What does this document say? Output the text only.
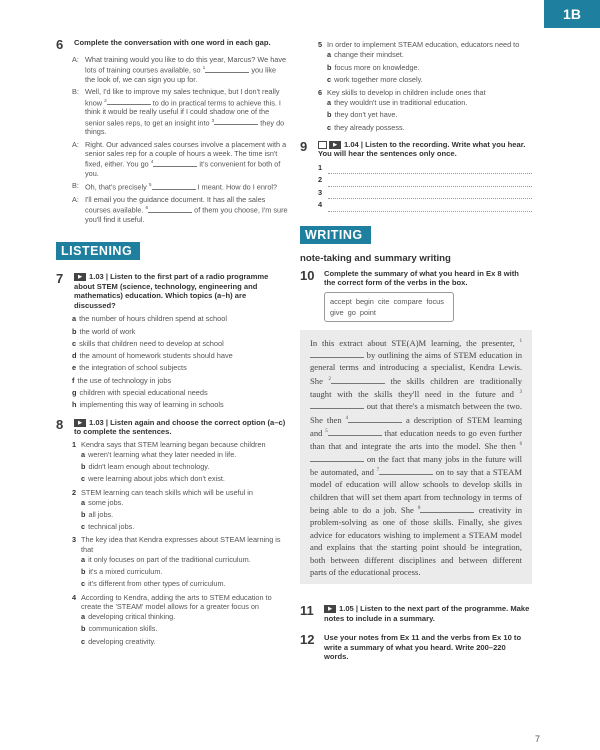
1B
6	Complete the conversation with one word in each gap.
A: What training would you like to do this year, Marcus? We have lots of training courses available, so $^1$	you like the look of, we can sign you up for.
B: Well, I'd like to improve my sales technique, but I don't really know $^2$	to do in practical terms to achieve this. I think it would be really useful if I could shadow one of the senior sales reps, to get an insight into $^3$	they do things.
A: Right. Our advanced sales courses involve a placement with a senior sales rep for a couple of hours a week. The time isn't fixed, either. You go $^4$	it's convenient for both of you.
B: Oh, that's precisely $^5$	I meant. How do I enrol?
A: I'll email you the guidance document. It has all the sales courses available. $^6$	of them you choose, I'm sure you'll find it useful.
LISTENING
7	▶ 1.03 | Listen to the first part of a radio programme about STEM (science, technology, engineering and mathematics) education. Which topics (a–h) are discussed?
a the number of hours children spend at school
b the world of work
c skills that children need to develop at school
d the amount of homework students should have
e the integration of school subjects
f the use of technology in jobs
g children with special educational needs
h implementing this way of learning in schools
8	▶ 1.03 | Listen again and choose the correct option (a–c) to complete the sentences.
1 Kendra says that STEM learning began because children
a weren't learning what they later needed in life.
b didn't learn enough about technology.
c were learning about jobs which don't exist.
2 STEM learning can teach skills which will be useful in
a some jobs.
b all jobs.
c technical jobs.
3 The key idea that Kendra expresses about STEAM learning is that
a it only focuses on part of the traditional curriculum.
b it's a mixed curriculum.
c it's different from other types of curriculum.
4 According to Kendra, adding the arts to STEM education to create the 'STEAM' model allows for a greater focus on
a developing critical thinking.
b communication skills.
c developing creativity.
5 In order to implement STEAM education, educators need to
a change their mindset.
b focus more on knowledge.
c work together more closely.
6 Key skills to develop in children include ones that
a they wouldn't use in traditional education.
b they don't yet have.
c they already possess.
9	▶ 1.04 | Listen to the recording. Write what you hear. You will hear the sentences only once.
1
2
3
4
WRITING
note-taking and summary writing
10	Complete the summary of what you heard in Ex 8 with the correct form of the verbs in the box.
accept begin cite compare focus give go point
In this extract about STE(A)M learning, the presenter, $^1$ by outlining the aims of STEM education in general terms and introducing a specialist, Kendra Lewis. She $^2$	the skills children are traditionally taught with the skills they'll need in the future and $^3$ out that there's a mismatch between the two. She then $^4$	a description of STEM learning and $^5$	that education needs to go even further than that and integrate the arts into the model. She then $^6$ on the fact that many jobs in the future will be automated, and $^7$	on to say that a STEAM model of education will allow schools to develop skills in children that will set them apart from technology in terms of being able to do a job. She $^8$	creativity in problem-solving as one of those skills. Finally, she gives advice for educators wishing to implement a STEAM model and explains that the starting point should be integration, both between different disciplines and between different parts of the educational process.
11	▶ 1.05 | Listen to the next part of the programme. Make notes to include in a summary.
12	Use your notes from Ex 11 and the verbs from Ex 10 to write a summary of what you heard. Write 200–220 words.
7
